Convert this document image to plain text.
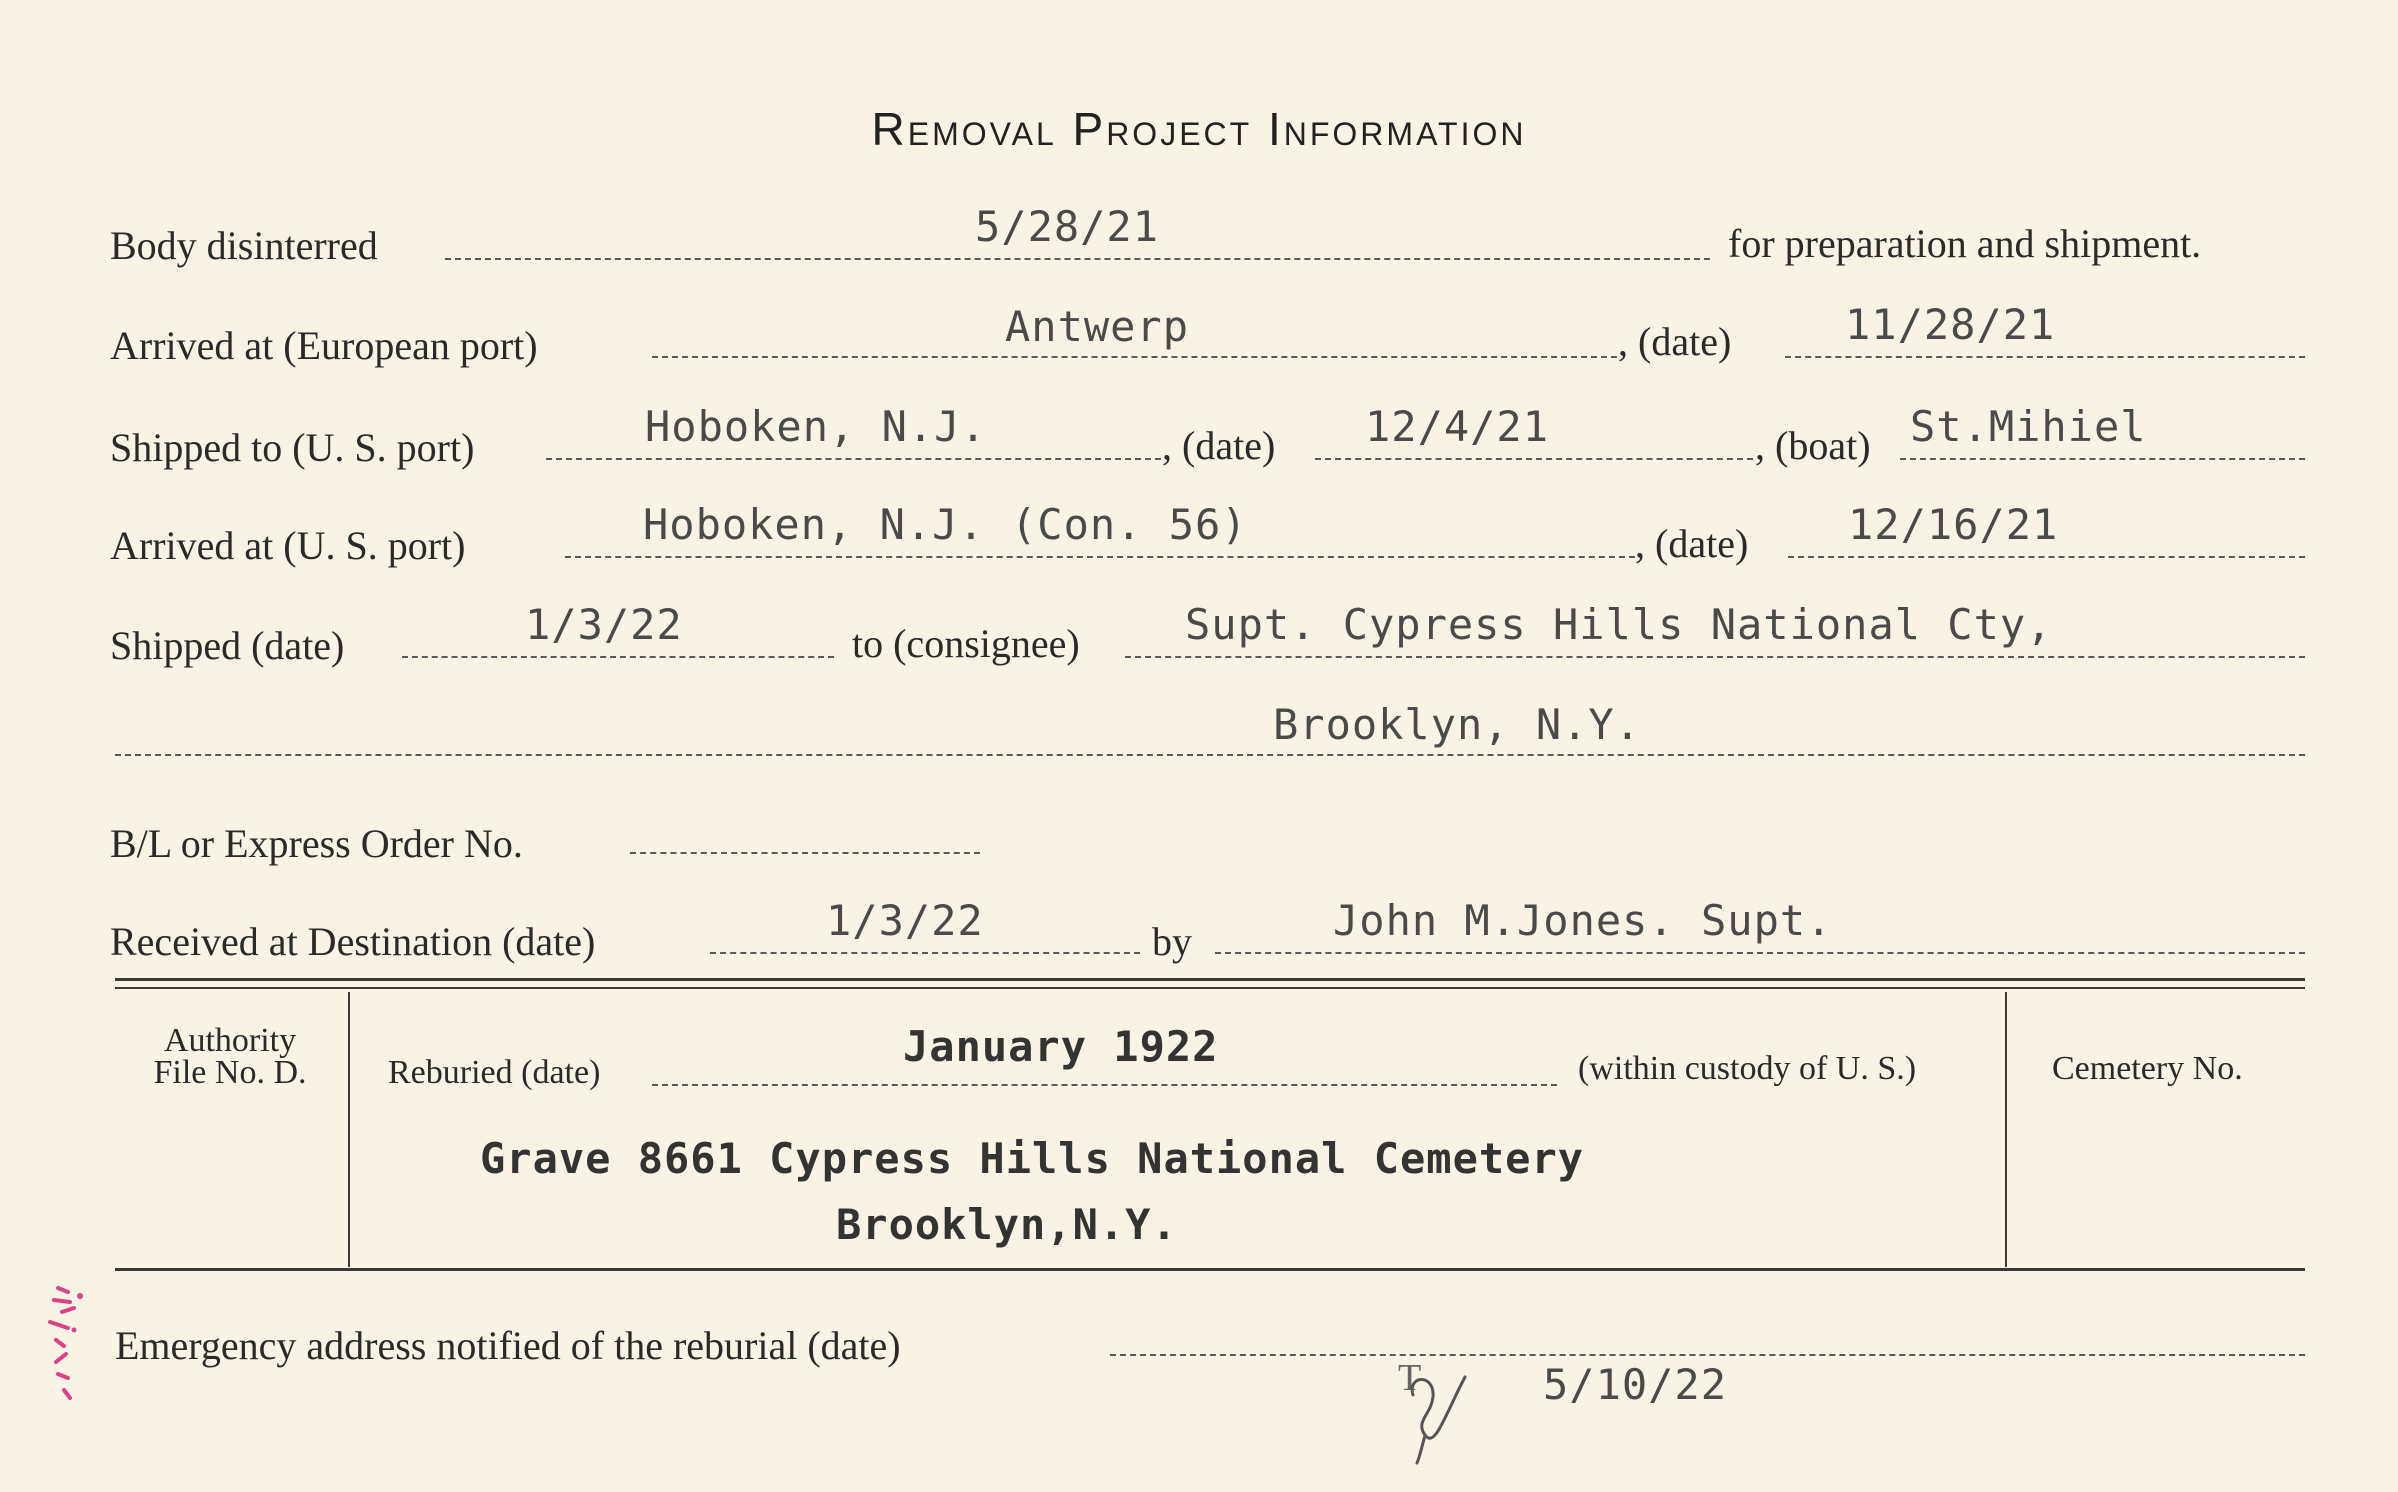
Removal Project Information
Body disinterred	5/28/21	for preparation and shipment.
Arrived at (European port)	Antwerp	, (date)	11/28/21
Shipped to (U. S. port)	Hoboken, N.J.	, (date) 12/4/21	, (boat) St.Mihiel
Arrived at (U. S. port)	Hoboken, N.J. (Con. 56)	, (date) 12/16/21
Shipped (date)	1/3/22	to (consignee)	Supt. Cypress Hills National Cty,
Brooklyn, N.Y.
B/L or Express Order No.
Received at Destination (date)	1/3/22	by	John M.Jones. Supt.
Authority
File No. D.	Reburied (date)
January 1922	(within custody of U. S.)
Grave 8661 Cypress Hills National Cemetery
Brooklyn,N.Y.
Cemetery No.
Emergency address notified of the reburial (date)
T	5/10/22
